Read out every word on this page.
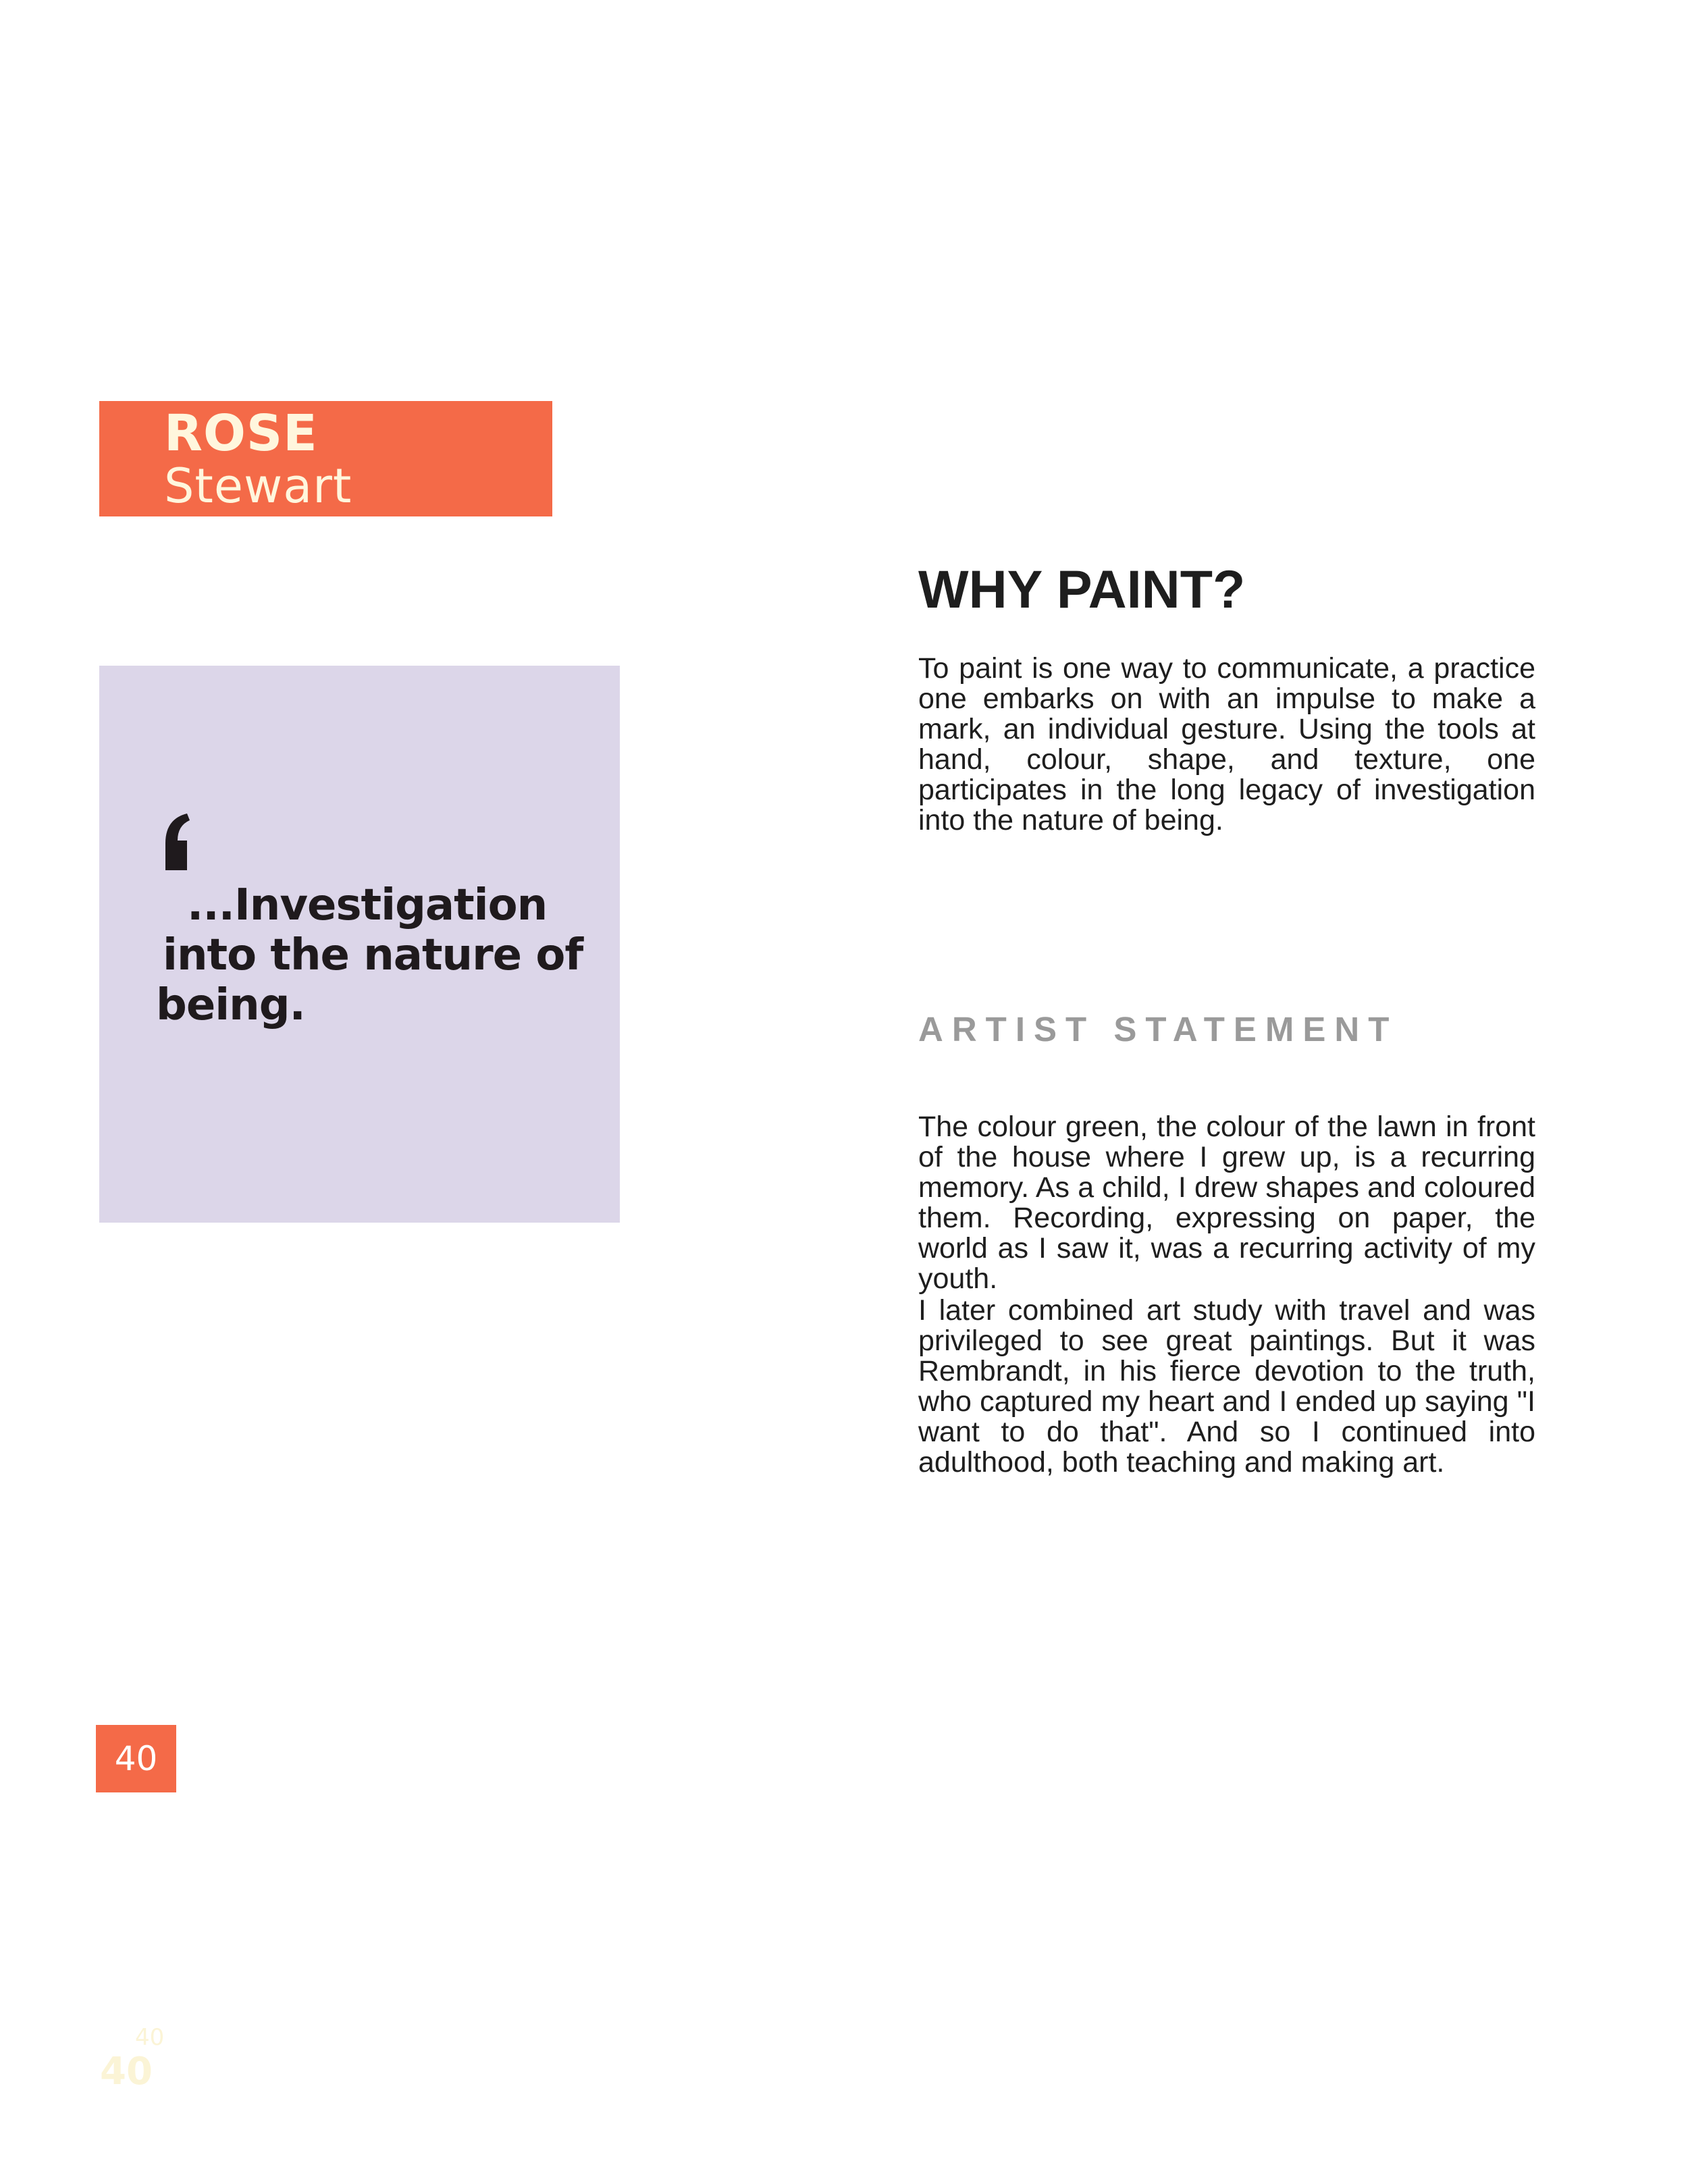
ROSE
Stewart
...Investigation
into the nature of
being.
WHY PAINT?

To paint is one way to communicate, a practice one embarks on with an impulse to make a mark, an individual gesture. Using the tools at hand, colour, shape, and texture, one participates in the long legacy of investigation into the nature of being.

ARTIST STATEMENT

The colour green, the colour of the lawn in front of the house where I grew up, is a recurring memory. As a child, I drew shapes and coloured them. Recording, expressing on paper, the world as I saw it, was a recurring activity of my youth.

I later combined art study with travel and was privileged to see great paintings. But it was Rembrandt, in his fierce devotion to the truth, who captured my heart and I ended up saying "I want to do that". And so I continued into adulthood, both teaching and making art.

40
40
40
